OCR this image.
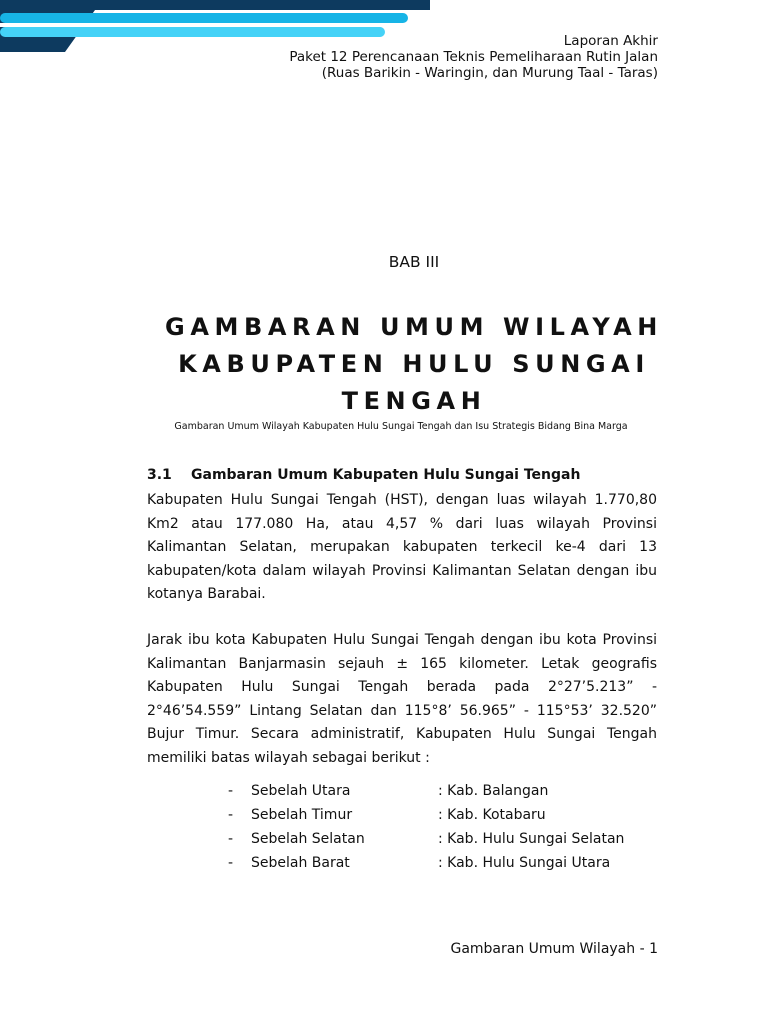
Laporan Akhir
Paket 12 Perencanaan Teknis Pemeliharaan Rutin Jalan
(Ruas Barikin - Waringin, dan Murung Taal - Taras)
BAB III
GAMBARAN UMUM WILAYAH
KABUPATEN HULU SUNGAI
TENGAH
Gambaran Umum Wilayah Kabupaten Hulu Sungai Tengah dan Isu Strategis Bidang Bina Marga
3.1 Gambaran Umum Kabupaten Hulu Sungai Tengah

Kabupaten Hulu Sungai Tengah (HST), dengan luas wilayah 1.770,80 Km2 atau 177.080 Ha, atau 4,57 % dari luas wilayah Provinsi Kalimantan Selatan, merupakan kabupaten terkecil ke-4 dari 13 kabupaten/kota dalam wilayah Provinsi Kalimantan Selatan dengan ibu kotanya Barabai.

Jarak ibu kota Kabupaten Hulu Sungai Tengah dengan ibu kota Provinsi Kalimantan Banjarmasin sejauh ± 165 kilometer. Letak geografis Kabupaten Hulu Sungai Tengah berada pada 2°27’5.213” - 2°46’54.559” Lintang Selatan dan 115°8’ 56.965” - 115°53’ 32.520” Bujur Timur. Secara administratif, Kabupaten Hulu Sungai Tengah memiliki batas wilayah sebagai berikut :

- Sebelah Utara	: Kab. Balangan
- Sebelah Timur	: Kab. Kotabaru
- Sebelah Selatan	: Kab. Hulu Sungai Selatan
- Sebelah Barat	: Kab. Hulu Sungai Utara
Gambaran Umum Wilayah - 1
